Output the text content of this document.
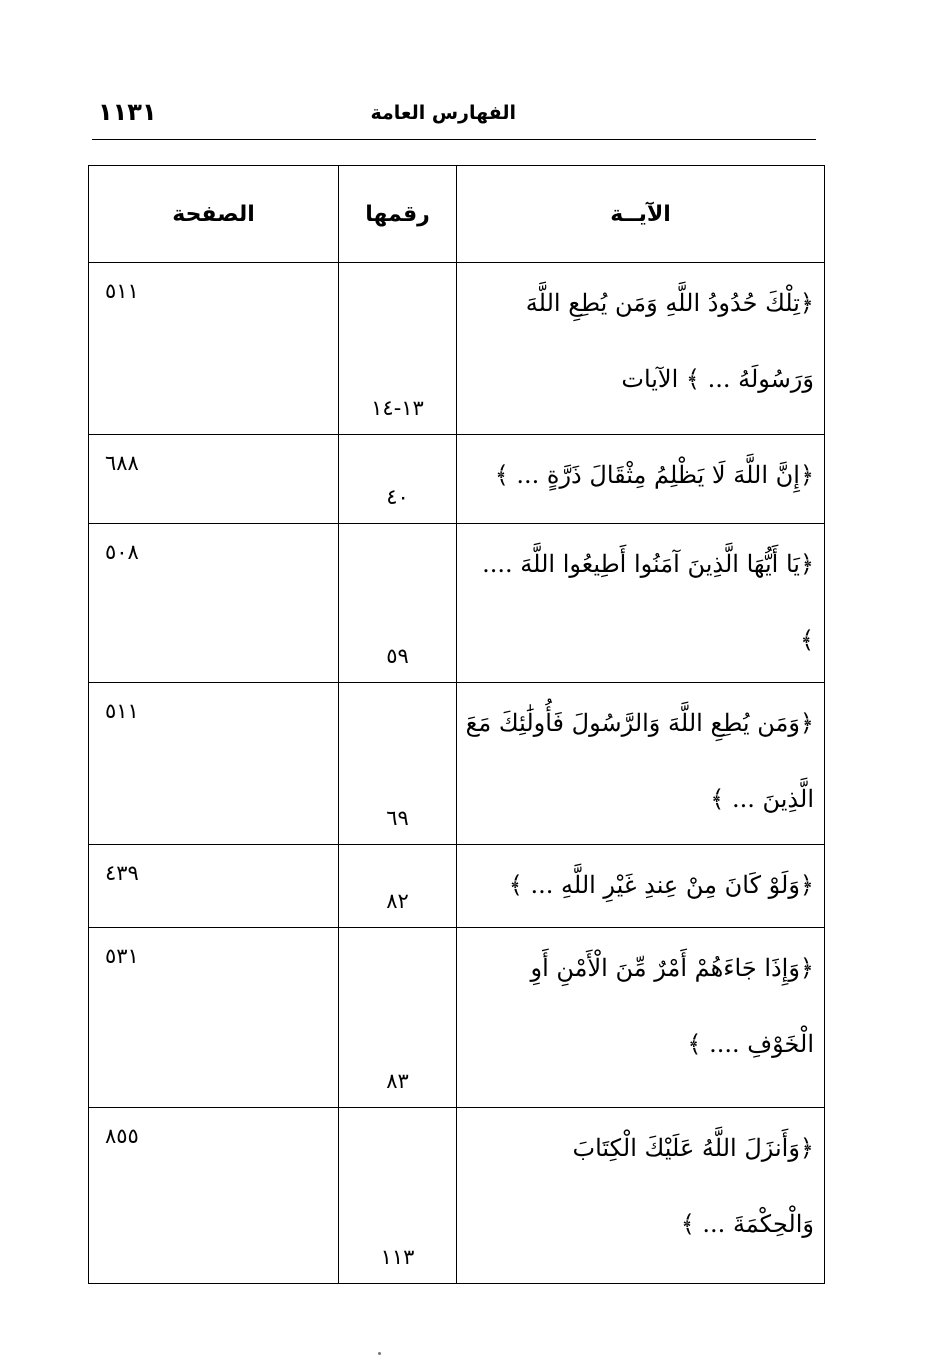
الفهارس العامة
١١٣١
الآيــة	رقمها	الصفحة

﴿تِلْكَ حُدُودُ اللَّهِ وَمَن يُطِعِ اللَّهَ
وَرَسُولَهُ ... ﴾ الآيات	١٣-١٤	٥١١

﴿إِنَّ اللَّهَ لَا يَظْلِمُ مِثْقَالَ ذَرَّةٍ ... ﴾	٤٠	٦٨٨

﴿يَا أَيُّهَا الَّذِينَ آمَنُوا أَطِيعُوا اللَّهَ .... ﴾	٥٩	٥٠٨

﴿وَمَن يُطِعِ اللَّهَ وَالرَّسُولَ فَأُولَٰئِكَ مَعَ
الَّذِينَ ... ﴾	٦٩	٥١١

﴿وَلَوْ كَانَ مِنْ عِندِ غَيْرِ اللَّهِ ... ﴾	٨٢	٤٣٩

﴿وَإِذَا جَاءَهُمْ أَمْرٌ مِّنَ الْأَمْنِ أَوِ
الْخَوْفِ .... ﴾	٨٣	٥٣١

﴿وَأَنزَلَ اللَّهُ عَلَيْكَ الْكِتَابَ
وَالْحِكْمَةَ ... ﴾	١١٣	٨٥٥
